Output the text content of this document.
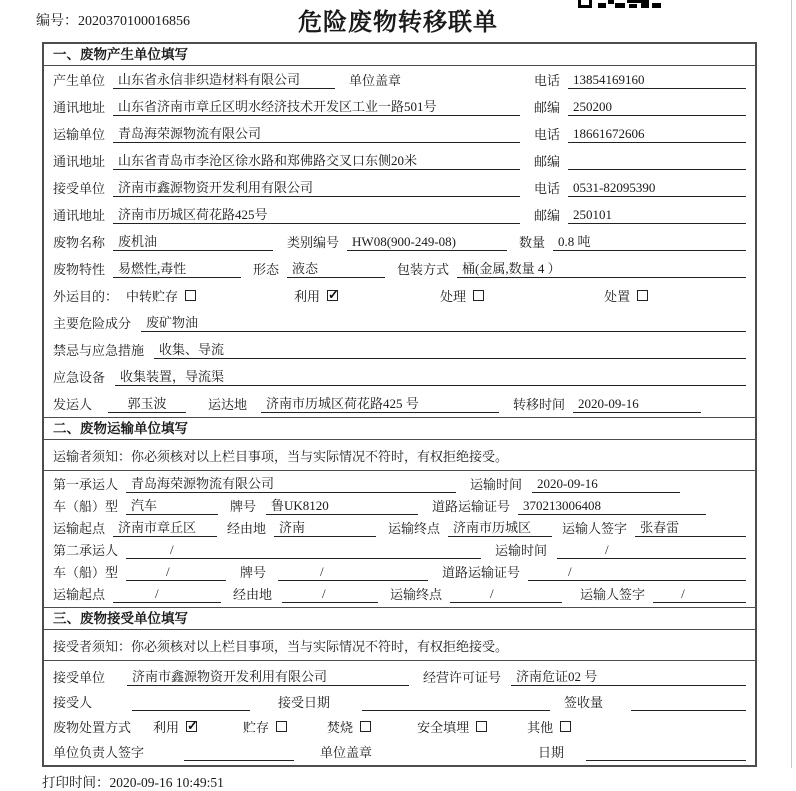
编号：2020370100016856	危险废物转移联单
一、废物产生单位填写
产生单位	山东省永信非织造材料有限公司	单位盖章	电话	13854169160
通讯地址	山东省济南市章丘区明水经济技术开发区工业一路501号	邮编	250200
运输单位	青岛海荣源物流有限公司	电话	18661672606
通讯地址	山东省青岛市李沧区徐水路和郑佛路交叉口东侧20米	邮编
接受单位	济南市鑫源物资开发利用有限公司	电话	0531-82095390
通讯地址	济南市历城区荷花路425号	邮编	250101
废物名称	废机油	类别编号	HW08(900-249-08)	数量	0.8 吨
废物特性	易燃性,毒性	形态	液态	包装方式	桶(金属,数量 4 ）
外运目的： 中转贮存	利用 ✓	处理	处置
主要危险成分	废矿物油
禁忌与应急措施	收集、导流
应急设备	收集装置，导流渠
发运人	郭玉波	运达地	济南市历城区荷花路425 号	转移时间	2020-09-16
二、废物运输单位填写
运输者须知：你必须核对以上栏目事项，当与实际情况不符时，有权拒绝接受。
第一承运人	青岛海荣源物流有限公司	运输时间	2020-09-16
车（船）型	汽车	牌号	鲁UK8120	道路运输证号	370213006408
运输起点	济南市章丘区	经由地	济南	运输终点	济南市历城区	运输人签字	张春雷
第二承运人	/	运输时间	/
车（船）型	/	牌号	/	道路运输证号	/
运输起点	/	经由地	/	运输终点	/	运输人签字	/
三、废物接受单位填写
接受者须知：你必须核对以上栏目事项，当与实际情况不符时，有权拒绝接受。
接受单位	济南市鑫源物资开发利用有限公司	经营许可证号	济南危证02 号
接受人	接受日期	签收量
废物处置方式 利用 ✓	贮存	焚烧	安全填埋	其他
单位负责人签字	单位盖章	日期
打印时间：2020-09-16 10:49:51
